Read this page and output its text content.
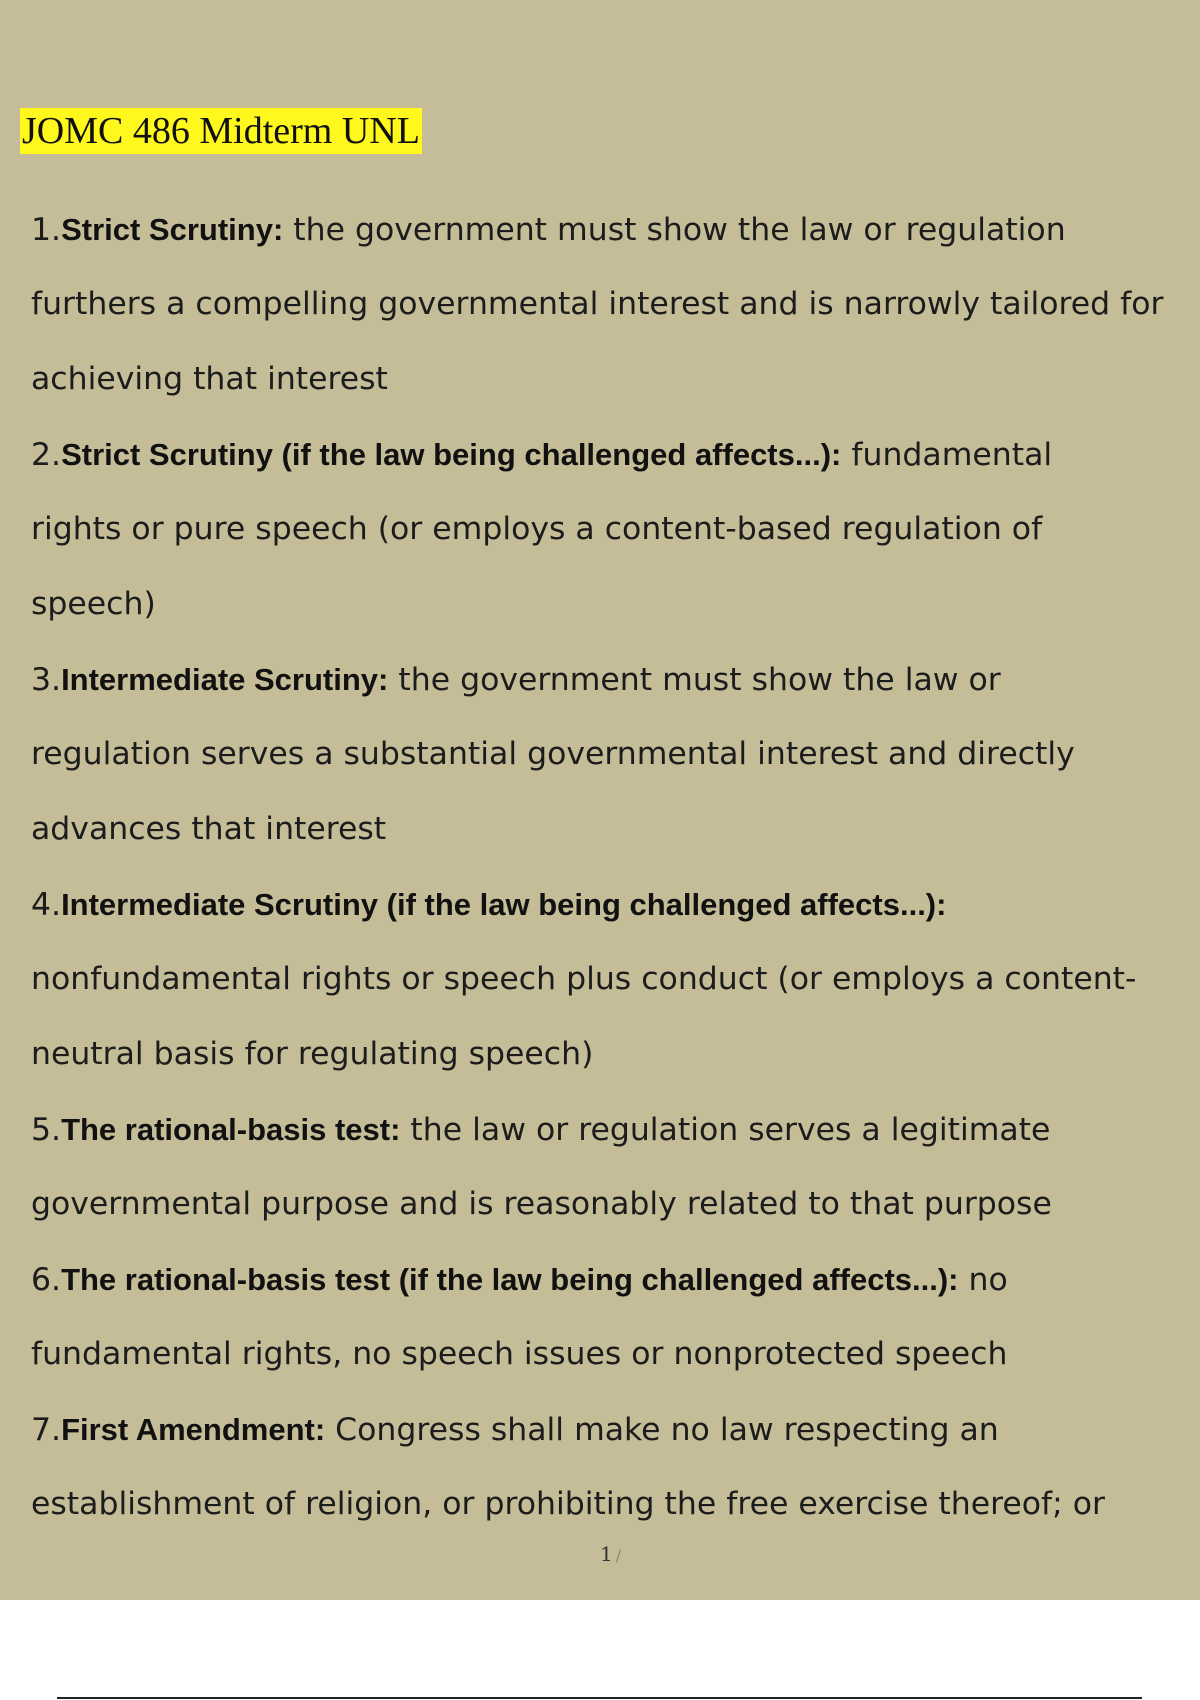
JOMC 486 Midterm UNL
1.Strict Scrutiny: the government must show the law or regulation
furthers a compelling governmental interest and is narrowly tailored for
achieving that interest
2.Strict Scrutiny (if the law being challenged affects...): fundamental
rights or pure speech (or employs a content-based regulation of
speech)
3.Intermediate Scrutiny: the government must show the law or
regulation serves a substantial governmental interest and directly
advances that interest
4.Intermediate Scrutiny (if the law being challenged affects...):
nonfundamental rights or speech plus conduct (or employs a content-
neutral basis for regulating speech)
5.The rational-basis test: the law or regulation serves a legitimate
governmental purpose and is reasonably related to that purpose
6.The rational-basis test (if the law being challenged affects...): no
fundamental rights, no speech issues or nonprotected speech
7.First Amendment: Congress shall make no law respecting an
establishment of religion, or prohibiting the free exercise thereof; or
1 /
